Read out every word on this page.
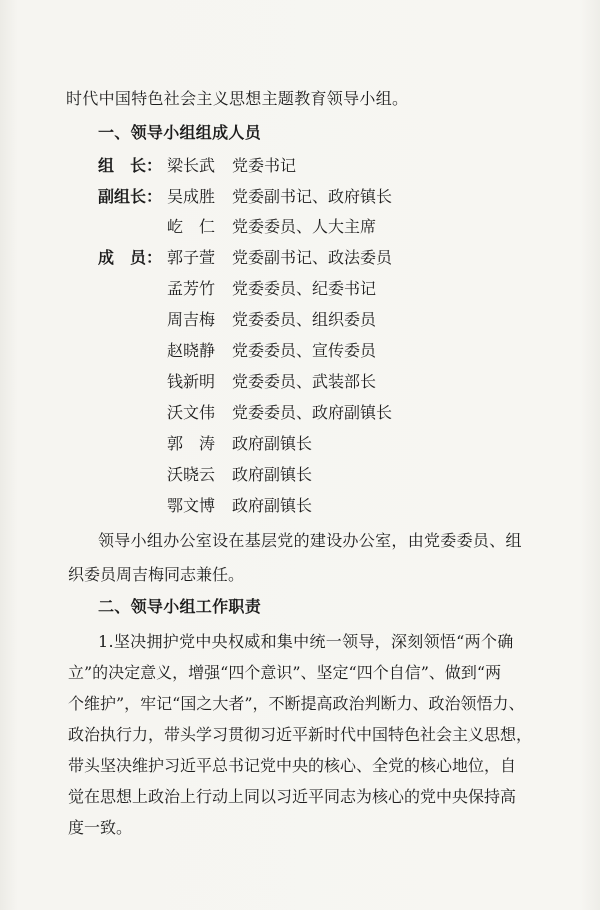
时代中国特色社会主义思想主题教育领导小组。
一、领导小组组成人员
组　长： 梁长武 党委书记
副组长： 吴成胜 党委副书记、政府镇长
屹　仁 党委委员、人大主席
成　员： 郭子萱 党委副书记、政法委员
孟芳竹 党委委员、纪委书记
周吉梅 党委委员、组织委员
赵晓静 党委委员、宣传委员
钱新明 党委委员、武装部长
沃文伟 党委委员、政府副镇长
郭　涛 政府副镇长
沃晓云 政府副镇长
鄂文博 政府副镇长
领导小组办公室设在基层党的建设办公室，由党委委员、组
织委员周吉梅同志兼任。
二、领导小组工作职责
1.坚决拥护党中央权威和集中统一领导，深刻领悟“两个确
立”的决定意义，增强“四个意识”、坚定“四个自信”、做到“两
个维护”，牢记“国之大者”，不断提高政治判断力、政治领悟力、
政治执行力，带头学习贯彻习近平新时代中国特色社会主义思想，
带头坚决维护习近平总书记党中央的核心、全党的核心地位，自
觉在思想上政治上行动上同以习近平同志为核心的党中央保持高
度一致。
